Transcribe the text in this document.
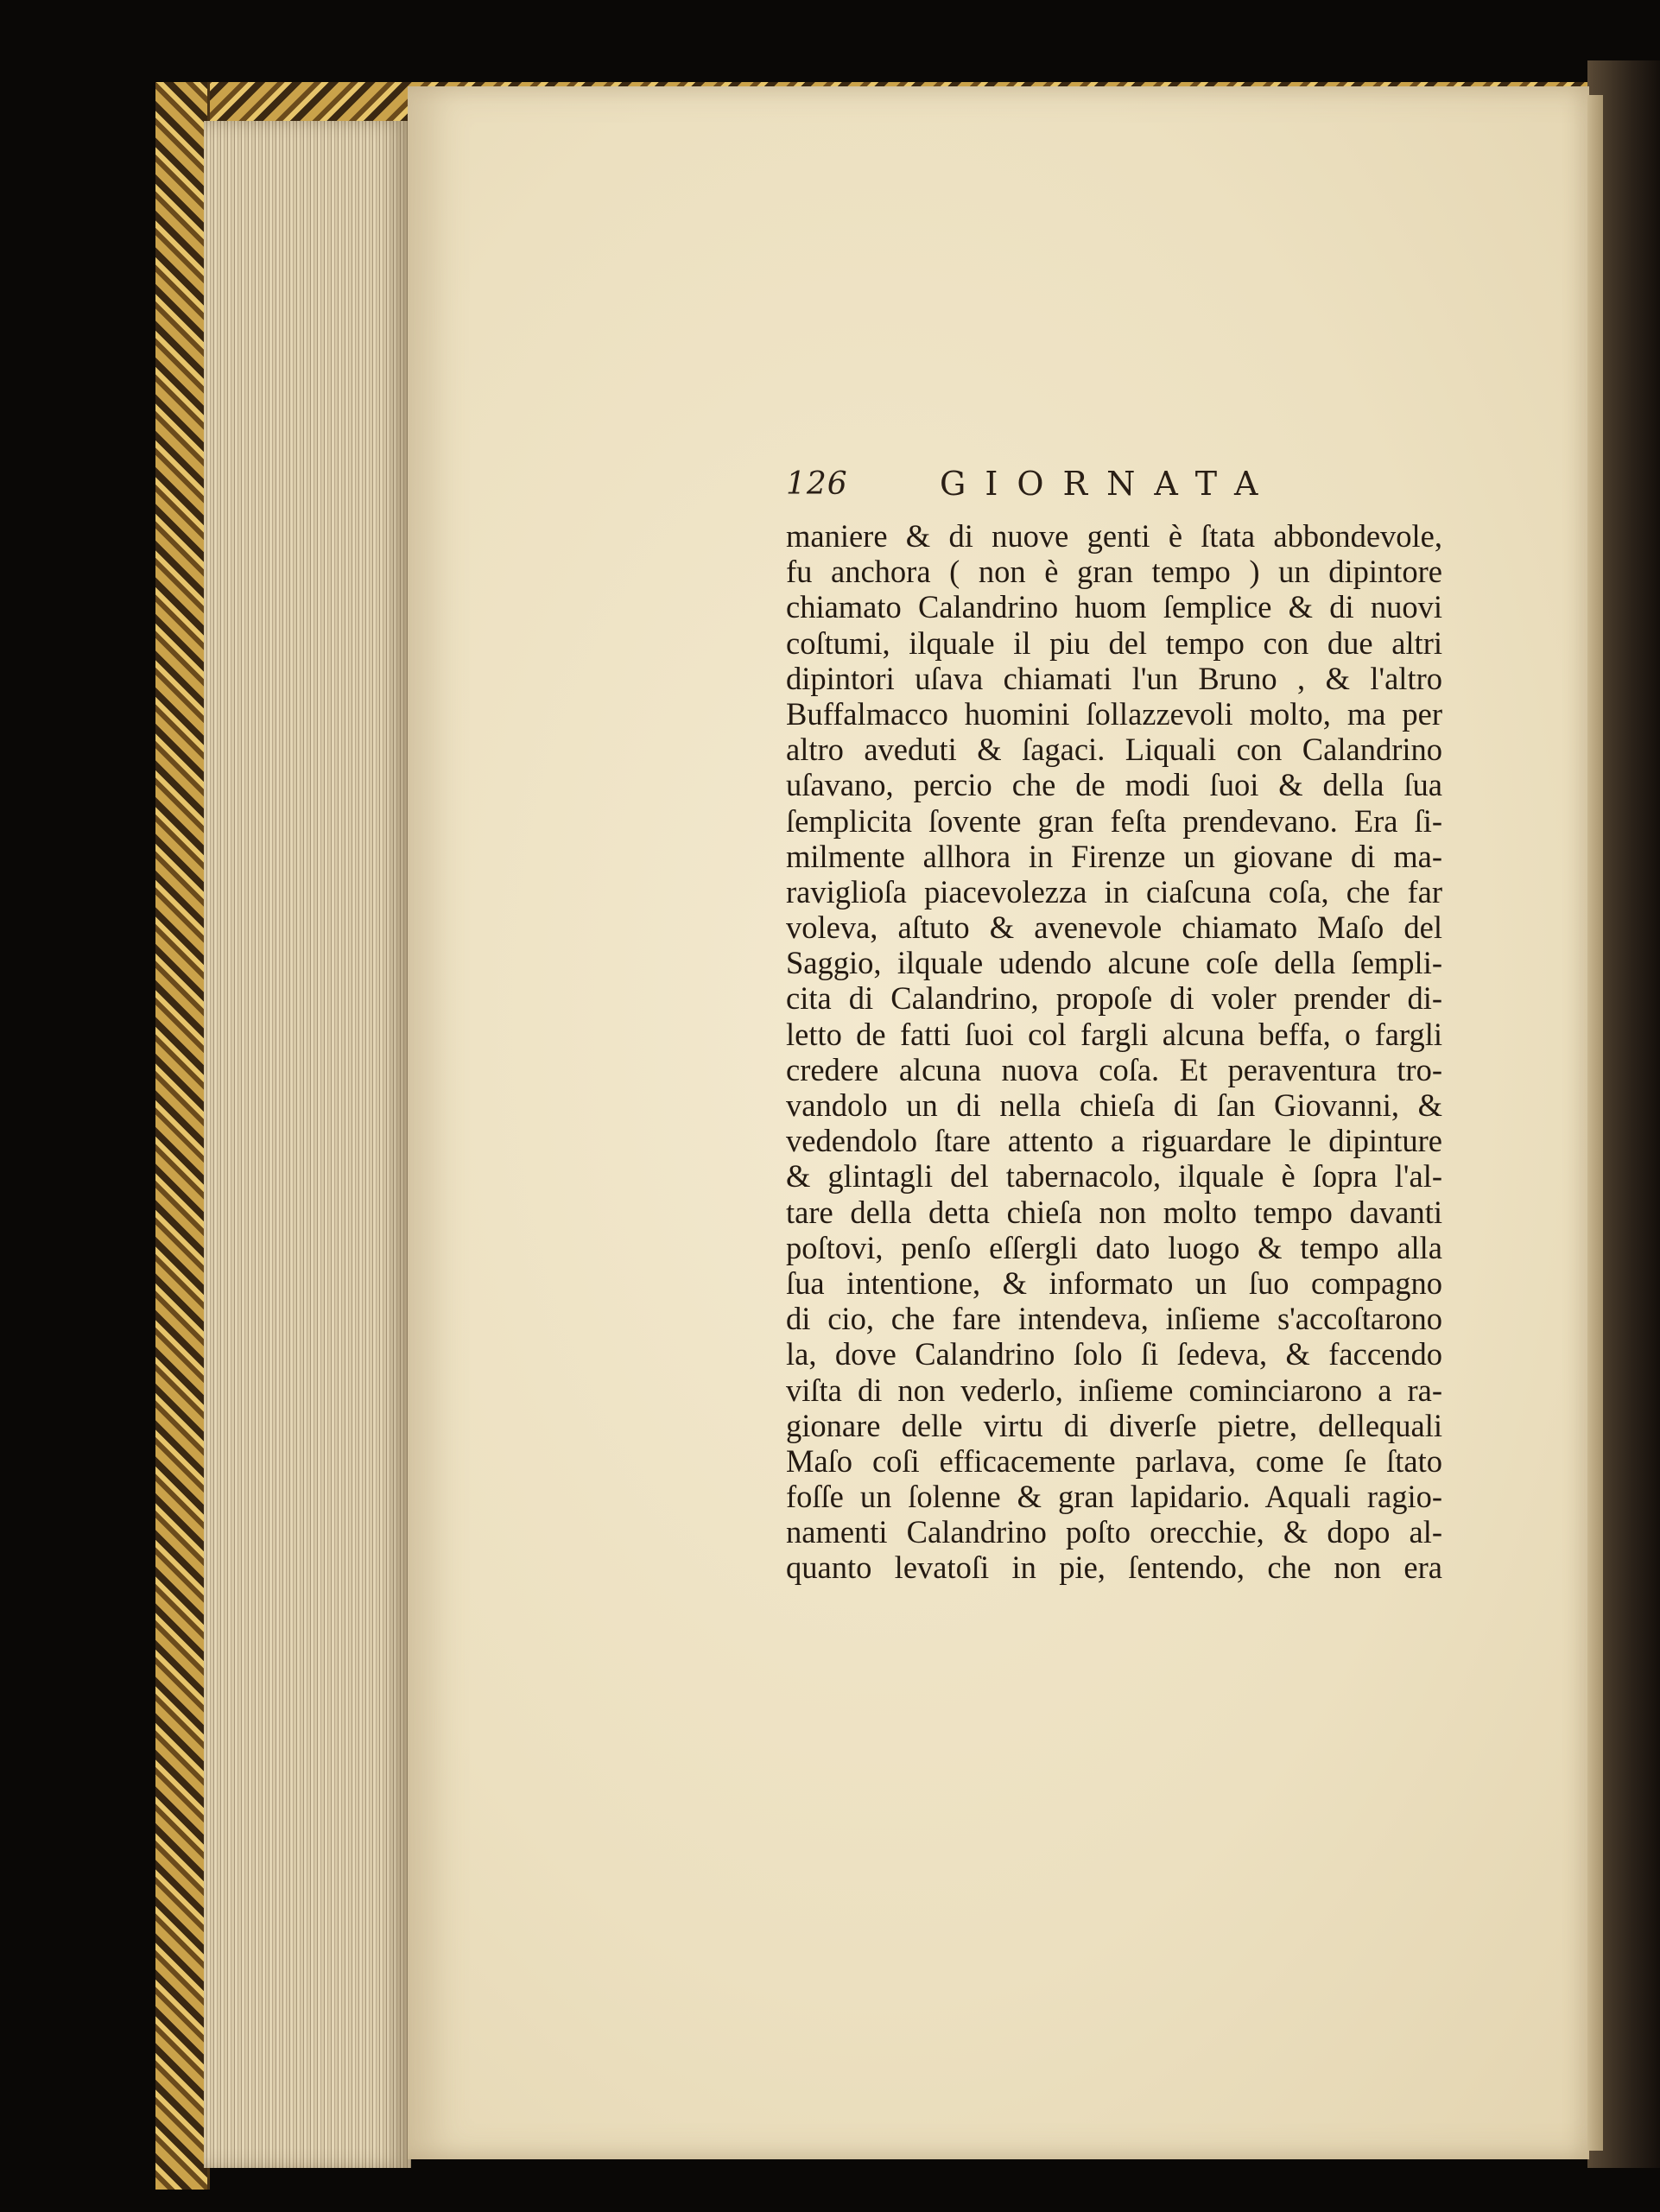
126	GIORNATA
maniere & di nuove genti è ſtata abbondevole,
fu anchora ( non è gran tempo ) un dipintore
chiamato Calandrino huom ſemplice & di nuovi
coſtumi, ilquale il piu del tempo con due altri
dipintori uſava chiamati l'un Bruno , & l'altro
Buffalmacco huomini ſollazzevoli molto, ma per
altro aveduti & ſagaci. Liquali con Calandrino
uſavano, percio che de modi ſuoi & della ſua
ſemplicita ſovente gran feſta prendevano. Era ſi-
milmente allhora in Firenze un giovane di ma-
raviglioſa piacevolezza in ciaſcuna coſa, che far
voleva, aſtuto & avenevole chiamato Maſo del
Saggio, ilquale udendo alcune coſe della ſempli-
cita di Calandrino, propoſe di voler prender di-
letto de fatti ſuoi col fargli alcuna beffa, o fargli
credere alcuna nuova coſa. Et peraventura tro-
vandolo un di nella chieſa di ſan Giovanni, &
vedendolo ſtare attento a riguardare le dipinture
& glintagli del tabernacolo, ilquale è ſopra l'al-
tare della detta chieſa non molto tempo davanti
poſtovi, penſo eſſergli dato luogo & tempo alla
ſua intentione, & informato un ſuo compagno
di cio, che fare intendeva, inſieme s'accoſtarono
la, dove Calandrino ſolo ſi ſedeva, & faccendo
viſta di non vederlo, inſieme cominciarono a ra-
gionare delle virtu di diverſe pietre, dellequali
Maſo coſi efficacemente parlava, come ſe ſtato
foſſe un ſolenne & gran lapidario. Aquali ragio-
namenti Calandrino poſto orecchie, & dopo al-
quanto levatoſi in pie, ſentendo, che non era
